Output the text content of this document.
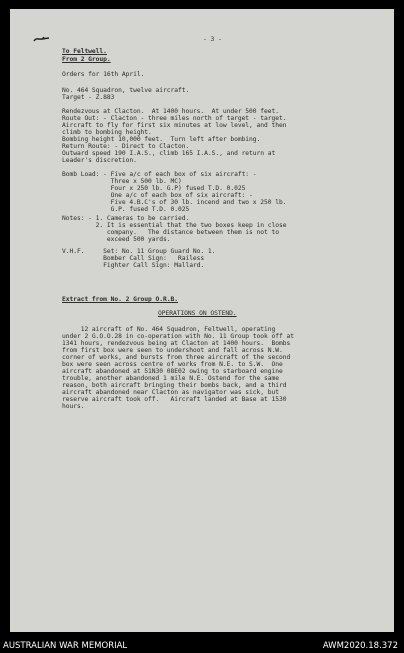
- 3 -

To Feltwell.

From 2 Group.

Orders for 16th April.

No. 464 Squadron, twelve aircraft.

Target - Z.883

Rendezvous at Clacton.  At 1400 hours.  At under 500 feet.

Route Out: - Clacton - three miles north of target - target.

Aircraft to fly for first six minutes at low level, and then

climb to bombing height.

Bombing height 10,000 feet.  Turn left after bombing.

Return Route: - Direct to Clacton.

Outward speed 190 I.A.S., climb 165 I.A.S., and return at

Leader's discretion.

Bomb Load: - Five a/c of each box of six aircraft: -

Three x 500 lb. MC)

Four x 250 lb. G.P) fused T.D. 0.025

One a/c of each box of six aircraft: -

Five 4.B.C's of 30 lb. incend and two x 250 lb.

G.P. fused T.D. 0.025

Notes: - 1. Cameras to be carried.

2. It is essential that the two boxes keep in close

company.   The distance between them is not to

exceed 500 yards.

V.H.F.     Set: No. 11 Group Guard No. 1.

Bomber Call Sign:   Railess

Fighter Call Sign: Mallard.

Extract from No. 2 Group O.R.B.

OPERATIONS ON OSTEND.

12 aircraft of No. 464 Squadron, Feltwell, operating

under 2 G.O.O.28 in co-operation with No. 11 Group took off at

1341 hours, rendezvous being at Clacton at 1400 hours.  Bombs

from first box were seen to undershoot and fall across N.W.

corner of works, and bursts from three aircraft of the second

box were seen across centre of works from N.E. to S.W.  One

aircraft abandoned at 51N30 08E02 owing to starboard engine

trouble, another abandoned 1 mile N.E. Ostend for the same

reason, both aircraft bringing their bombs back, and a third

aircraft abandoned near Clacton as navigator was sick, but

reserve aircraft took off.   Aircraft landed at Base at 1530

hours.

AUSTRALIAN WAR MEMORIAL	AWM2020.18.372
